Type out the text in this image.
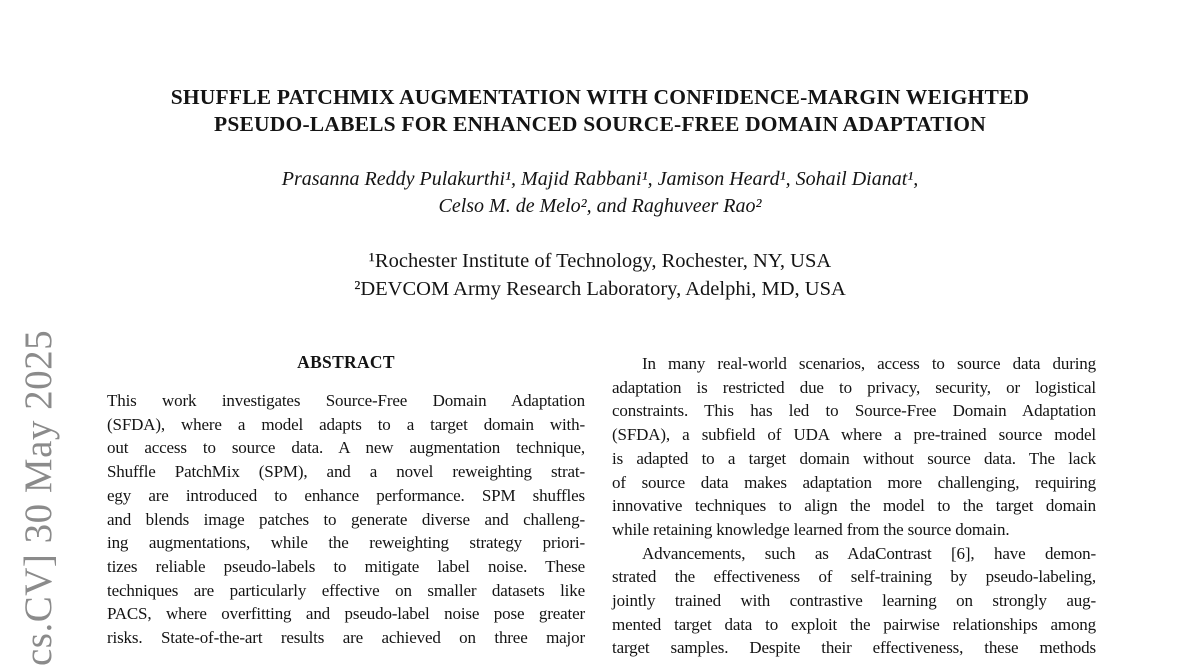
cs.CV] 30 May 2025
SHUFFLE PATCHMIX AUGMENTATION WITH CONFIDENCE-MARGIN WEIGHTED
PSEUDO-LABELS FOR ENHANCED SOURCE-FREE DOMAIN ADAPTATION
Prasanna Reddy Pulakurthi¹, Majid Rabbani¹, Jamison Heard¹, Sohail Dianat¹,
Celso M. de Melo², and Raghuveer Rao²
¹Rochester Institute of Technology, Rochester, NY, USA
²DEVCOM Army Research Laboratory, Adelphi, MD, USA
ABSTRACT
This work investigates Source-Free Domain Adaptation
(SFDA), where a model adapts to a target domain with-
out access to source data. A new augmentation technique,
Shuffle PatchMix (SPM), and a novel reweighting strat-
egy are introduced to enhance performance. SPM shuffles
and blends image patches to generate diverse and challeng-
ing augmentations, while the reweighting strategy priori-
tizes reliable pseudo-labels to mitigate label noise. These
techniques are particularly effective on smaller datasets like
PACS, where overfitting and pseudo-label noise pose greater
risks. State-of-the-art results are achieved on three major
In many real-world scenarios, access to source data during
adaptation is restricted due to privacy, security, or logistical
constraints. This has led to Source-Free Domain Adaptation
(SFDA), a subfield of UDA where a pre-trained source model
is adapted to a target domain without source data. The lack
of source data makes adaptation more challenging, requiring
innovative techniques to align the model to the target domain
while retaining knowledge learned from the source domain.
Advancements, such as AdaContrast [6], have demon-
strated the effectiveness of self-training by pseudo-labeling,
jointly trained with contrastive learning on strongly aug-
mented target data to exploit the pairwise relationships among
target samples. Despite their effectiveness, these methods
